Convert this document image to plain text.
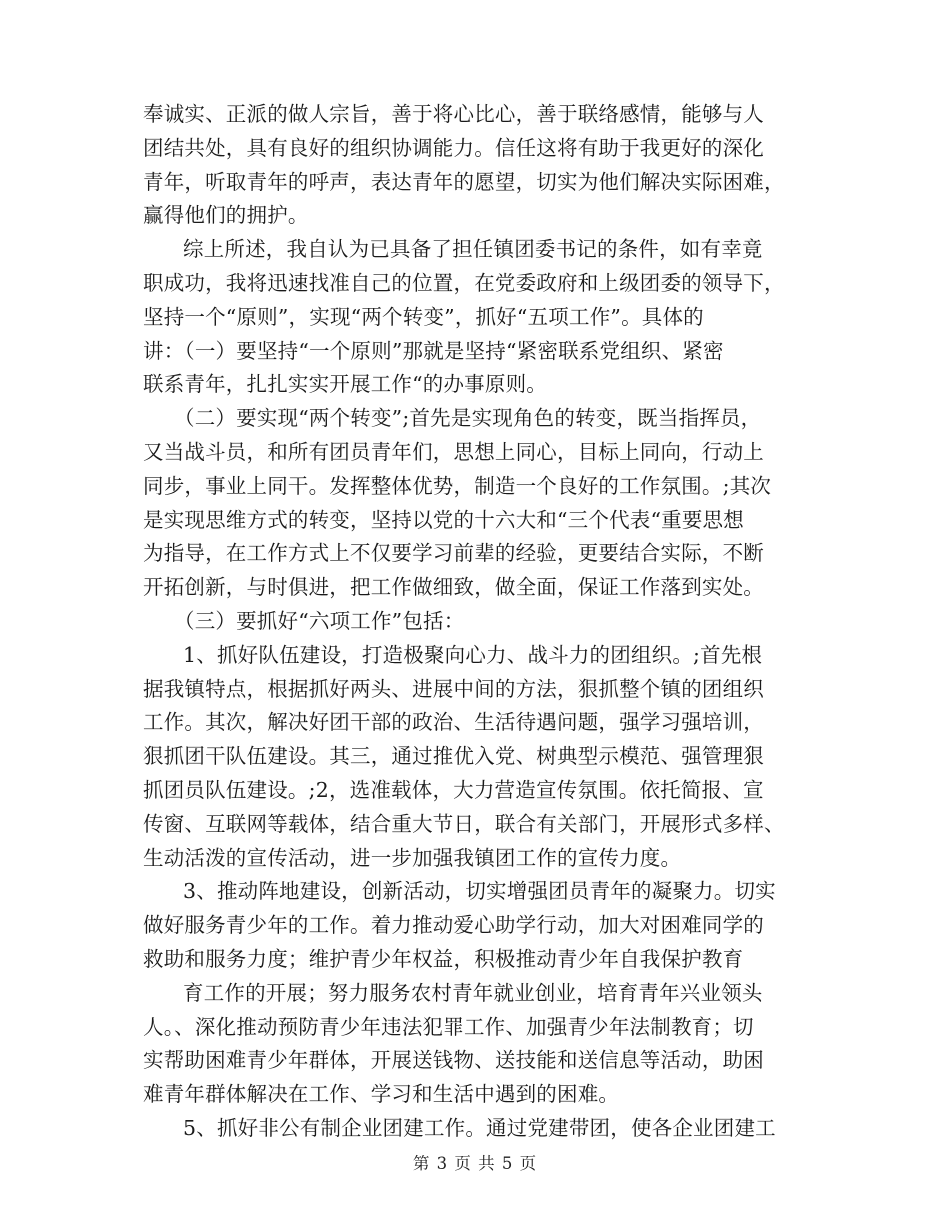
奉诚实、正派的做人宗旨，善于将心比心，善于联络感情，能够与人
团结共处，具有良好的组织协调能力。信任这将有助于我更好的深化
青年，听取青年的呼声，表达青年的愿望，切实为他们解决实际困难，
赢得他们的拥护。
综上所述，我自认为已具备了担任镇团委书记的条件，如有幸竟
职成功，我将迅速找准自己的位置，在党委政府和上级团委的领导下，
坚持一个“原则”，实现“两个转变”，抓好“五项工作”。具体的
讲：（一）要坚持“一个原则”那就是坚持“紧密联系党组织、紧密
联系青年，扎扎实实开展工作“的办事原则。
（二）要实现“两个转变”;首先是实现角色的转变，既当指挥员，
又当战斗员，和所有团员青年们，思想上同心，目标上同向，行动上
同步，事业上同干。发挥整体优势，制造一个良好的工作氛围。;其次
是实现思维方式的转变，坚持以党的十六大和“三个代表“重要思想
为指导，在工作方式上不仅要学习前辈的经验，更要结合实际，不断
开拓创新，与时俱进，把工作做细致，做全面，保证工作落到实处。
（三）要抓好“六项工作”包括：
1、抓好队伍建设，打造极聚向心力、战斗力的团组织。;首先根
据我镇特点，根据抓好两头、进展中间的方法，狠抓整个镇的团组织
工作。其次，解决好团干部的政治、生活待遇问题，强学习强培训，
狠抓团干队伍建设。其三，通过推优入党、树典型示模范、强管理狠
抓团员队伍建设。;2，选准载体，大力营造宣传氛围。依托简报、宣
传窗、互联网等载体，结合重大节日，联合有关部门，开展形式多样、
生动活泼的宣传活动，进一步加强我镇团工作的宣传力度。
3、推动阵地建设，创新活动，切实增强团员青年的凝聚力。切实
做好服务青少年的工作。着力推动爱心助学行动，加大对困难同学的
救助和服务力度；维护青少年权益，积极推动青少年自我保护教育
育工作的开展；努力服务农村青年就业创业，培育青年兴业领头
人。、深化推动预防青少年违法犯罪工作、加强青少年法制教育；切
实帮助困难青少年群体，开展送钱物、送技能和送信息等活动，助困
难青年群体解决在工作、学习和生活中遇到的困难。
5、抓好非公有制企业团建工作。通过党建带团，使各企业团建工
第 3 页 共 5 页
